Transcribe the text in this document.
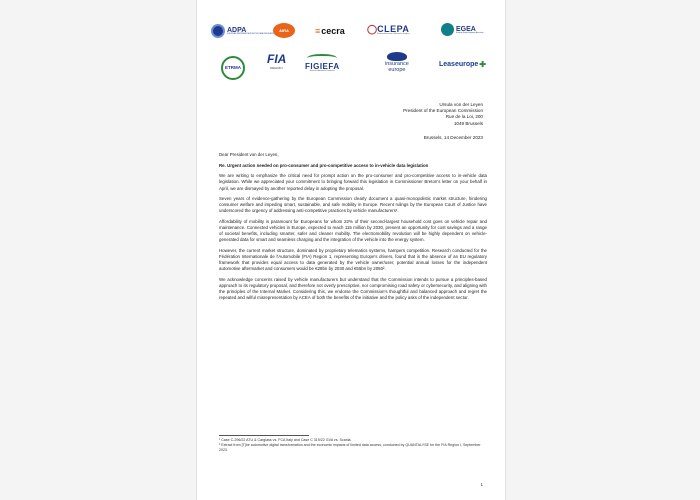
ADPA
EUROPEAN INDEPENDENT AUTOMOTIVE DATA PUBLISHERS
AIRA	≡ cecra ◯ CLEPA
European Association of Automotive Suppliers
EGEA
European Garage Equipment Association
ETRMA
FIA
REGION I	FIGIEFA
Automotive Aftermarket Distributors
insurance
europe
Leaseurope ✚
Ursula von der Leyen
President of the European Commission
Rue de la Loi, 200
1049 Brussels
Brussels, 14 December 2023

Dear President von der Leyen,

Re. Urgent action needed on pro-consumer and pro-competitive access to in-vehicle data legislation

We are writing to emphasize the critical need for prompt action on the pro-consumer and pro-competitive access to in-vehicle data legislation. While we appreciated your commitment to bringing forward this legislation in Commissioner Breton's letter on your behalf in April, we are dismayed by another reported delay in adopting the proposal.

Seven years of evidence-gathering by the European Commission clearly document a quasi-monopolistic market structure, hindering consumer welfare and impeding smart, sustainable, and safe mobility in Europe. Recent rulings by the European Court of Justice have underscored the urgency of addressing anti-competitive practices by vehicle manufacturers¹.

Affordability of mobility is paramount for Europeans for whom 22% of their second-largest household cost goes on vehicle repair and maintenance. Connected vehicles in Europe, expected to reach 115 million by 2030, present an opportunity for cost savings and a range of societal benefits, including smarter, safer and cleaner mobility. The electromobility revolution will be highly dependent on vehicle-generated data for smart and seamless charging and the integration of the vehicle into the energy system.

However, the current market structure, dominated by proprietary telematics systems, hampers competition. Research conducted for the Fédération Internationale de l'Automobile (FIA) Region 1, representing Europe's drivers, found that in the absence of an EU regulatory framework that provides equal access to data generated by the vehicle owner/user, potential annual losses for the independent automotive aftermarket and consumers would be €28bn by 2030 and €55bn by 2050².

We acknowledge concerns raised by vehicle manufacturers but understand that the Commission intends to pursue a principles-based approach to its regulatory proposal, and therefore not overly prescriptive, nor compromising road safety or cybersecurity, and aligning with the principles of the Internal Market. Considering this, we endorse the Commission's thoughtful and balanced approach and regret the repeated and wilful misrepresentation by ACEA of both the benefits of the initiative and the policy asks of the independent sector.

¹ Case C-296/22 ATU & Carglass vs. FCA Italy and Case C 319/22 GVA vs. Scania.
² Extract from [T]he automotive digital transformation and the economic impacts of limited data access, conducted by QUANTALYSE for the FIA Region I, September 2023.
1
